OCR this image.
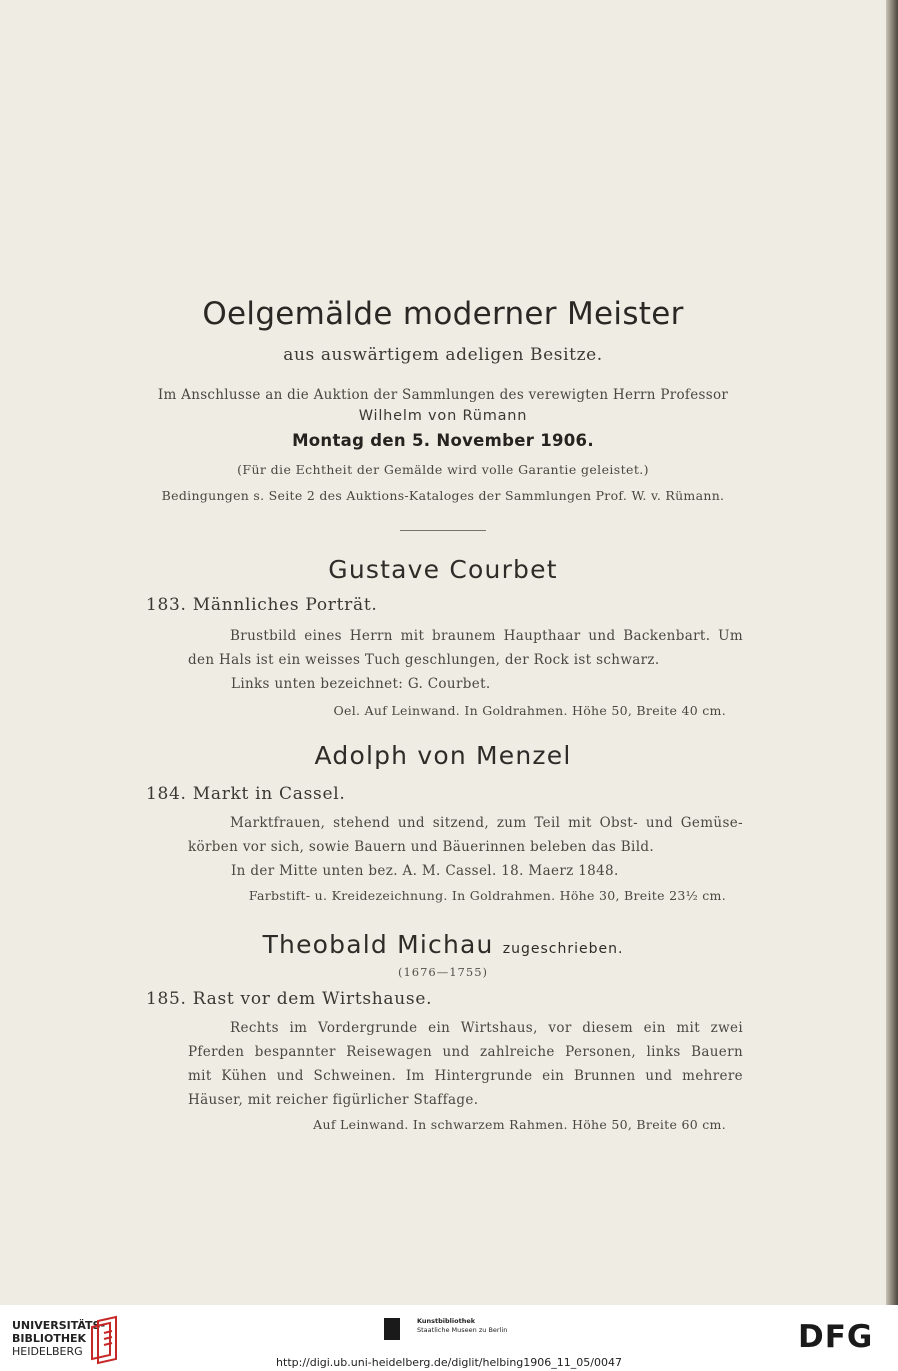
Oelgemälde moderner Meister
aus auswärtigem adeligen Besitze.
Im Anschlusse an die Auktion der Sammlungen des verewigten Herrn Professor
Wilhelm von Rümann
Montag den 5. November 1906.
(Für die Echtheit der Gemälde wird volle Garantie geleistet.)
Bedingungen s. Seite 2 des Auktions-Kataloges der Sammlungen Prof. W. v. Rümann.
Gustave Courbet
183. Männliches Porträt.
Brustbild eines Herrn mit braunem Haupthaar und Backenbart. Um
den Hals ist ein weisses Tuch geschlungen, der Rock ist schwarz.
Links unten bezeichnet: G. Courbet.
Oel. Auf Leinwand. In Goldrahmen. Höhe 50, Breite 40 cm.
Adolph von Menzel
184. Markt in Cassel.
Marktfrauen, stehend und sitzend, zum Teil mit Obst- und Gemüse-
körben vor sich, sowie Bauern und Bäuerinnen beleben das Bild.
In der Mitte unten bez. A. M. Cassel. 18. Maerz 1848.
Farbstift- u. Kreidezeichnung. In Goldrahmen. Höhe 30, Breite 23½ cm.
Theobald Michau zugeschrieben.
(1676—1755)
185. Rast vor dem Wirtshause.
Rechts im Vordergrunde ein Wirtshaus, vor diesem ein mit zwei
Pferden bespannter Reisewagen und zahlreiche Personen, links Bauern
mit Kühen und Schweinen. Im Hintergrunde ein Brunnen und mehrere
Häuser, mit reicher figürlicher Staffage.
Auf Leinwand. In schwarzem Rahmen. Höhe 50, Breite 60 cm.
UNIVERSITÄTS-
BIBLIOTHEK
HEIDELBERG
Kunstbibliothek
Staatliche Museen zu Berlin	DFG
http://digi.ub.uni-heidelberg.de/diglit/helbing1906_11_05/0047
